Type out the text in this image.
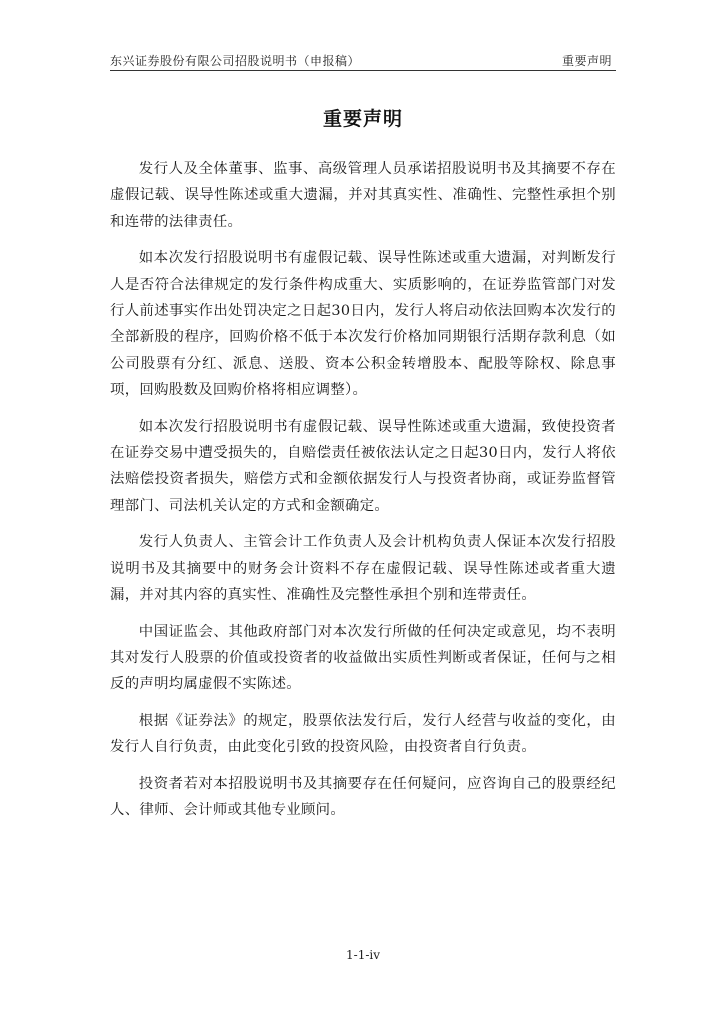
东兴证券股份有限公司招股说明书（申报稿）	重要声明
重要声明

发行人及全体董事、监事、高级管理人员承诺招股说明书及其摘要不存在虚假记载、误导性陈述或重大遗漏，并对其真实性、准确性、完整性承担个别和连带的法律责任。

如本次发行招股说明书有虚假记载、误导性陈述或重大遗漏，对判断发行人是否符合法律规定的发行条件构成重大、实质影响的，在证券监管部门对发行人前述事实作出处罚决定之日起30日内，发行人将启动依法回购本次发行的全部新股的程序，回购价格不低于本次发行价格加同期银行活期存款利息（如公司股票有分红、派息、送股、资本公积金转增股本、配股等除权、除息事项，回购股数及回购价格将相应调整）。

如本次发行招股说明书有虚假记载、误导性陈述或重大遗漏，致使投资者在证券交易中遭受损失的，自赔偿责任被依法认定之日起30日内，发行人将依法赔偿投资者损失，赔偿方式和金额依据发行人与投资者协商，或证券监督管理部门、司法机关认定的方式和金额确定。

发行人负责人、主管会计工作负责人及会计机构负责人保证本次发行招股说明书及其摘要中的财务会计资料不存在虚假记载、误导性陈述或者重大遗漏，并对其内容的真实性、准确性及完整性承担个别和连带责任。

中国证监会、其他政府部门对本次发行所做的任何决定或意见，均不表明其对发行人股票的价值或投资者的收益做出实质性判断或者保证，任何与之相反的声明均属虚假不实陈述。

根据《证券法》的规定，股票依法发行后，发行人经营与收益的变化，由发行人自行负责，由此变化引致的投资风险，由投资者自行负责。

投资者若对本招股说明书及其摘要存在任何疑问，应咨询自己的股票经纪人、律师、会计师或其他专业顾问。

1-1-iv
